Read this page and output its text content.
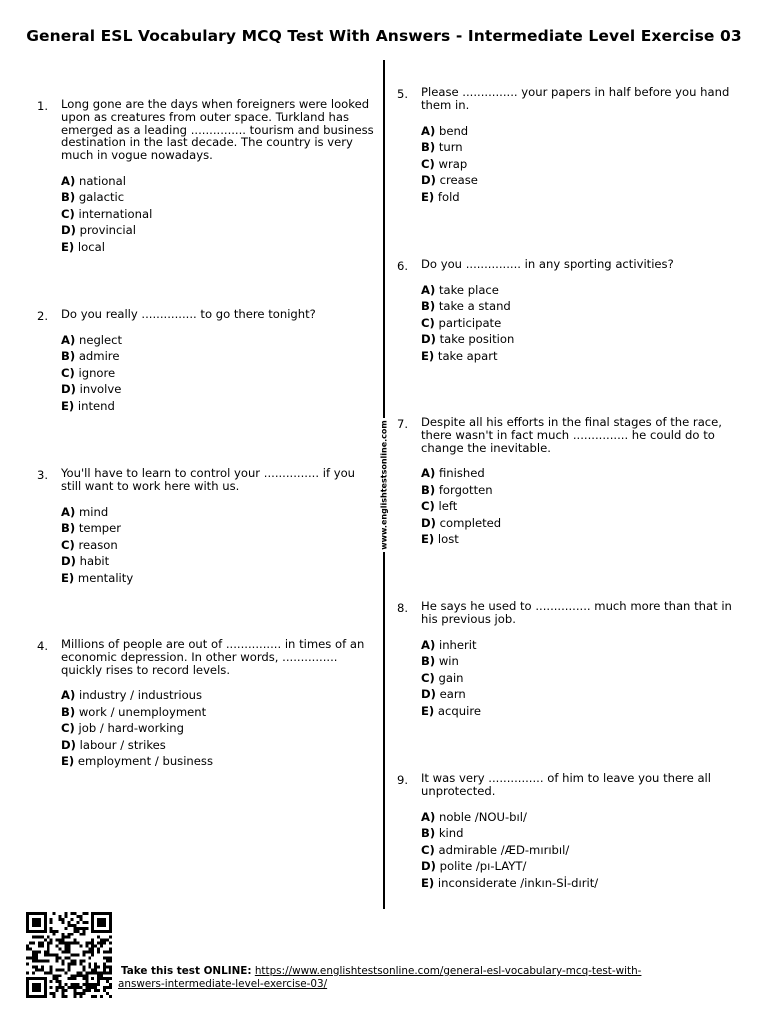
General ESL Vocabulary MCQ Test With Answers - Intermediate Level Exercise 03
www.englishtestsonline.com
1. Long gone are the days when foreigners were looked upon as creatures from outer space. Turkland has emerged as a leading ............... tourism and business destination in the last decade. The country is very much in vogue nowadays.

A) national
B) galactic
C) international
D) provincial
E) local
2. Do you really ............... to go there tonight?

A) neglect
B) admire
C) ignore
D) involve
E) intend
3. You'll have to learn to control your ............... if you still want to work here with us.

A) mind
B) temper
C) reason
D) habit
E) mentality
4. Millions of people are out of ............... in times of an economic depression. In other words, ............... quickly rises to record levels.

A) industry / industrious
B) work / unemployment
C) job / hard-working
D) labour / strikes
E) employment / business
5. Please ............... your papers in half before you hand them in.

A) bend
B) turn
C) wrap
D) crease
E) fold
6. Do you ............... in any sporting activities?

A) take place
B) take a stand
C) participate
D) take position
E) take apart
7. Despite all his efforts in the final stages of the race, there wasn't in fact much ............... he could do to change the inevitable.

A) finished
B) forgotten
C) left
D) completed
E) lost
8. He says he used to ............... much more than that in his previous job.

A) inherit
B) win
C) gain
D) earn
E) acquire
9. It was very ............... of him to leave you there all unprotected.

A) noble /NOU-bıl/
B) kind
C) admirable /ÆD-mırıbıl/
D) polite /pı-LAYT/
E) inconsiderate /inkın-Sİ-dırit/
Take this test ONLINE: https://www.englishtestsonline.com/general-esl-vocabulary-mcq-test-with-answers-intermediate-level-exercise-03/
